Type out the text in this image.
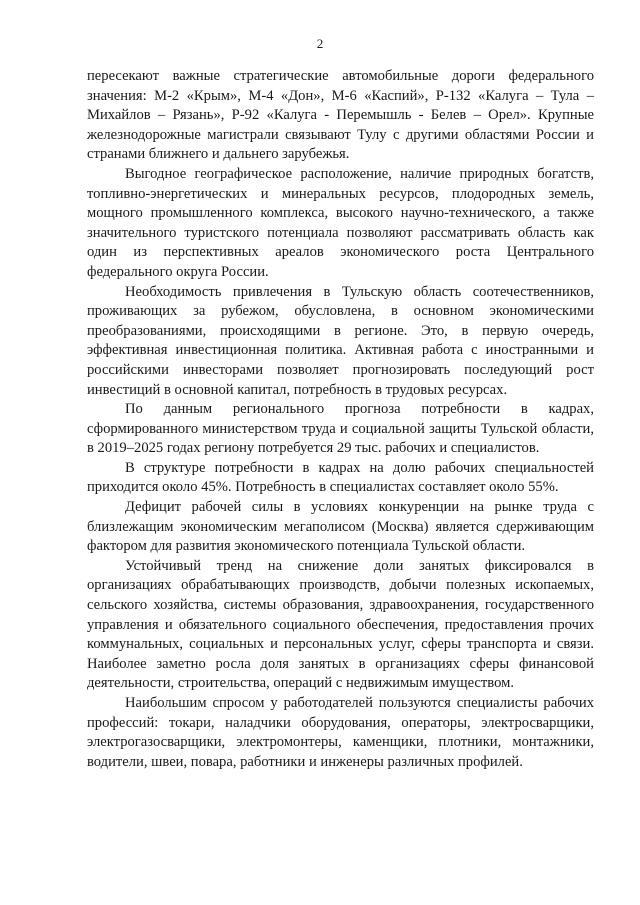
2

пересекают важные стратегические автомобильные дороги федерального значения: М-2 «Крым», М-4 «Дон», М-6 «Каспий», Р-132 «Калуга – Тула – Михайлов – Рязань», Р-92 «Калуга - Перемышль - Белев – Орел». Крупные железнодорожные магистрали связывают Тулу с другими областями России и странами ближнего и дальнего зарубежья.

Выгодное географическое расположение, наличие природных богатств, топливно-энергетических и минеральных ресурсов, плодородных земель, мощного промышленного комплекса, высокого научно-технического, а также значительного туристского потенциала позволяют рассматривать область как один из перспективных ареалов экономического роста Центрального федерального округа России.

Необходимость привлечения в Тульскую область соотечественников, проживающих за рубежом, обусловлена, в основном экономическими преобразованиями, происходящими в регионе. Это, в первую очередь, эффективная инвестиционная политика. Активная работа с иностранными и российскими инвесторами позволяет прогнозировать последующий рост инвестиций в основной капитал, потребность в трудовых ресурсах.

По данным регионального прогноза потребности в кадрах, сформированного министерством труда и социальной защиты Тульской области, в 2019–2025 годах региону потребуется 29 тыс. рабочих и специалистов.

В структуре потребности в кадрах на долю рабочих специальностей приходится около 45%. Потребность в специалистах составляет около 55%.

Дефицит рабочей силы в условиях конкуренции на рынке труда с близлежащим экономическим мегаполисом (Москва) является сдерживающим фактором для развития экономического потенциала Тульской области.

Устойчивый тренд на снижение доли занятых фиксировался в организациях обрабатывающих производств, добычи полезных ископаемых, сельского хозяйства, системы образования, здравоохранения, государственного управления и обязательного социального обеспечения, предоставления прочих коммунальных, социальных и персональных услуг, сферы транспорта и связи. Наиболее заметно росла доля занятых в организациях сферы финансовой деятельности, строительства, операций с недвижимым имуществом.

Наибольшим спросом у работодателей пользуются специалисты рабочих профессий: токари, наладчики оборудования, операторы, электросварщики, электрогазосварщики, электромонтеры, каменщики, плотники, монтажники, водители, швеи, повара, работники и инженеры различных профилей.
